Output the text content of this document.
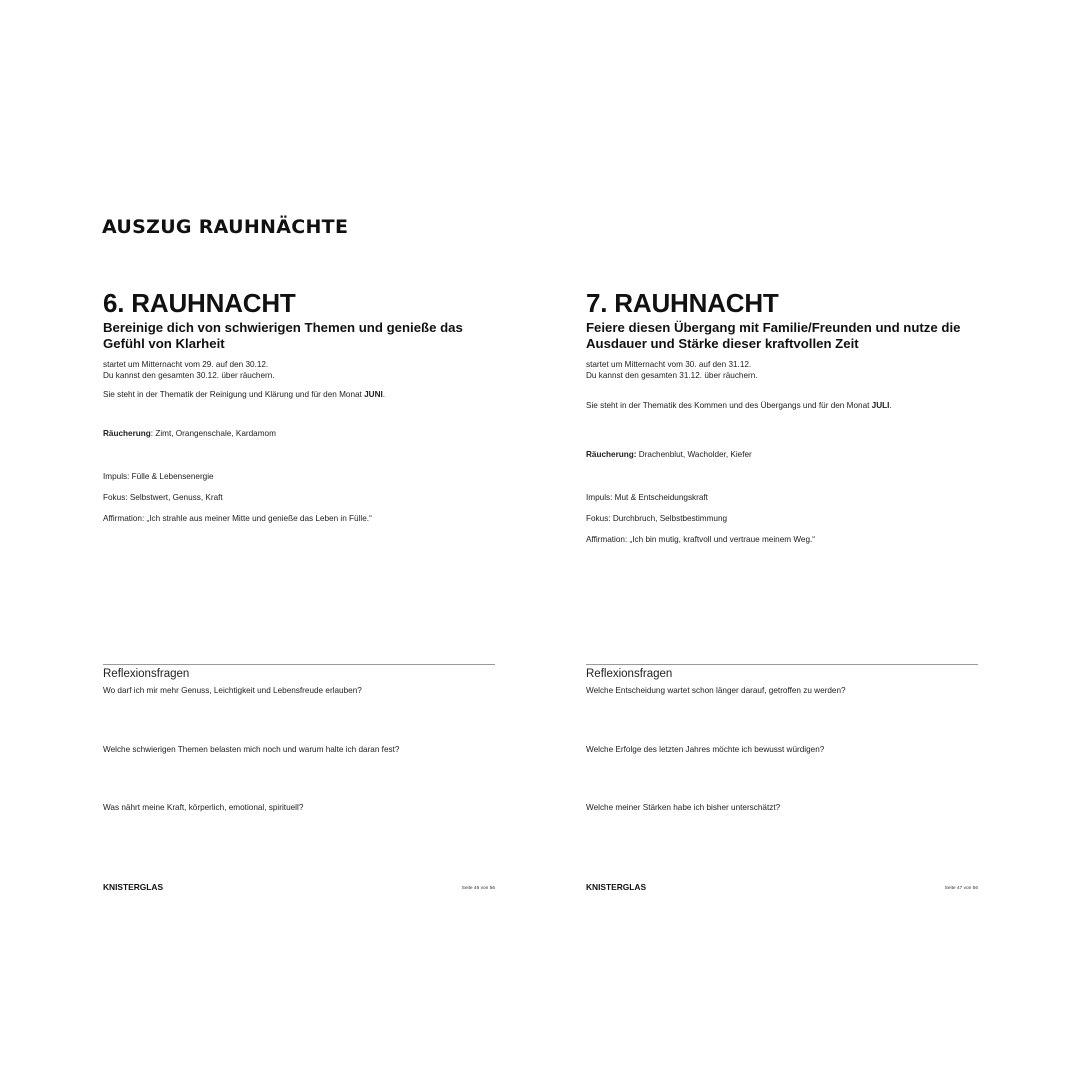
AUSZUG RAUHNÄCHTE
6. RAUHNACHT
Bereinige dich von schwierigen Themen und genieße das
Gefühl von Klarheit

startet um Mitternacht vom 29. auf den 30.12.

Du kannst den gesamten 30.12. über räuchern.

Sie steht in der Thematik der Reinigung und Klärung und für den Monat JUNI.

Räucherung: Zimt, Orangenschale, Kardamom

Impuls: Fülle & Lebensenergie

Fokus: Selbstwert, Genuss, Kraft

Affirmation: „Ich strahle aus meiner Mitte und genieße das Leben in Fülle.“

Reflexionsfragen

Wo darf ich mir mehr Genuss, Leichtigkeit und Lebensfreude erlauben?

Welche schwierigen Themen belasten mich noch und warum halte ich daran fest?

Was nährt meine Kraft, körperlich, emotional, spirituell?

KNISTERGLAS	Seite 46 von 56

7. RAUHNACHT
Feiere diesen Übergang mit Familie/Freunden und nutze die
Ausdauer und Stärke dieser kraftvollen Zeit

startet um Mitternacht vom 30. auf den 31.12.

Du kannst den gesamten 31.12. über räuchern.

Sie steht in der Thematik des Kommen und des Übergangs und für den Monat JULI.

Räucherung: Drachenblut, Wacholder, Kiefer

Impuls: Mut & Entscheidungskraft

Fokus: Durchbruch, Selbstbestimmung

Affirmation: „Ich bin mutig, kraftvoll und vertraue meinem Weg.“

Reflexionsfragen

Welche Entscheidung wartet schon länger darauf, getroffen zu werden?

Welche Erfolge des letzten Jahres möchte ich bewusst würdigen?

Welche meiner Stärken habe ich bisher unterschätzt?

KNISTERGLAS	Seite 47 von 56
